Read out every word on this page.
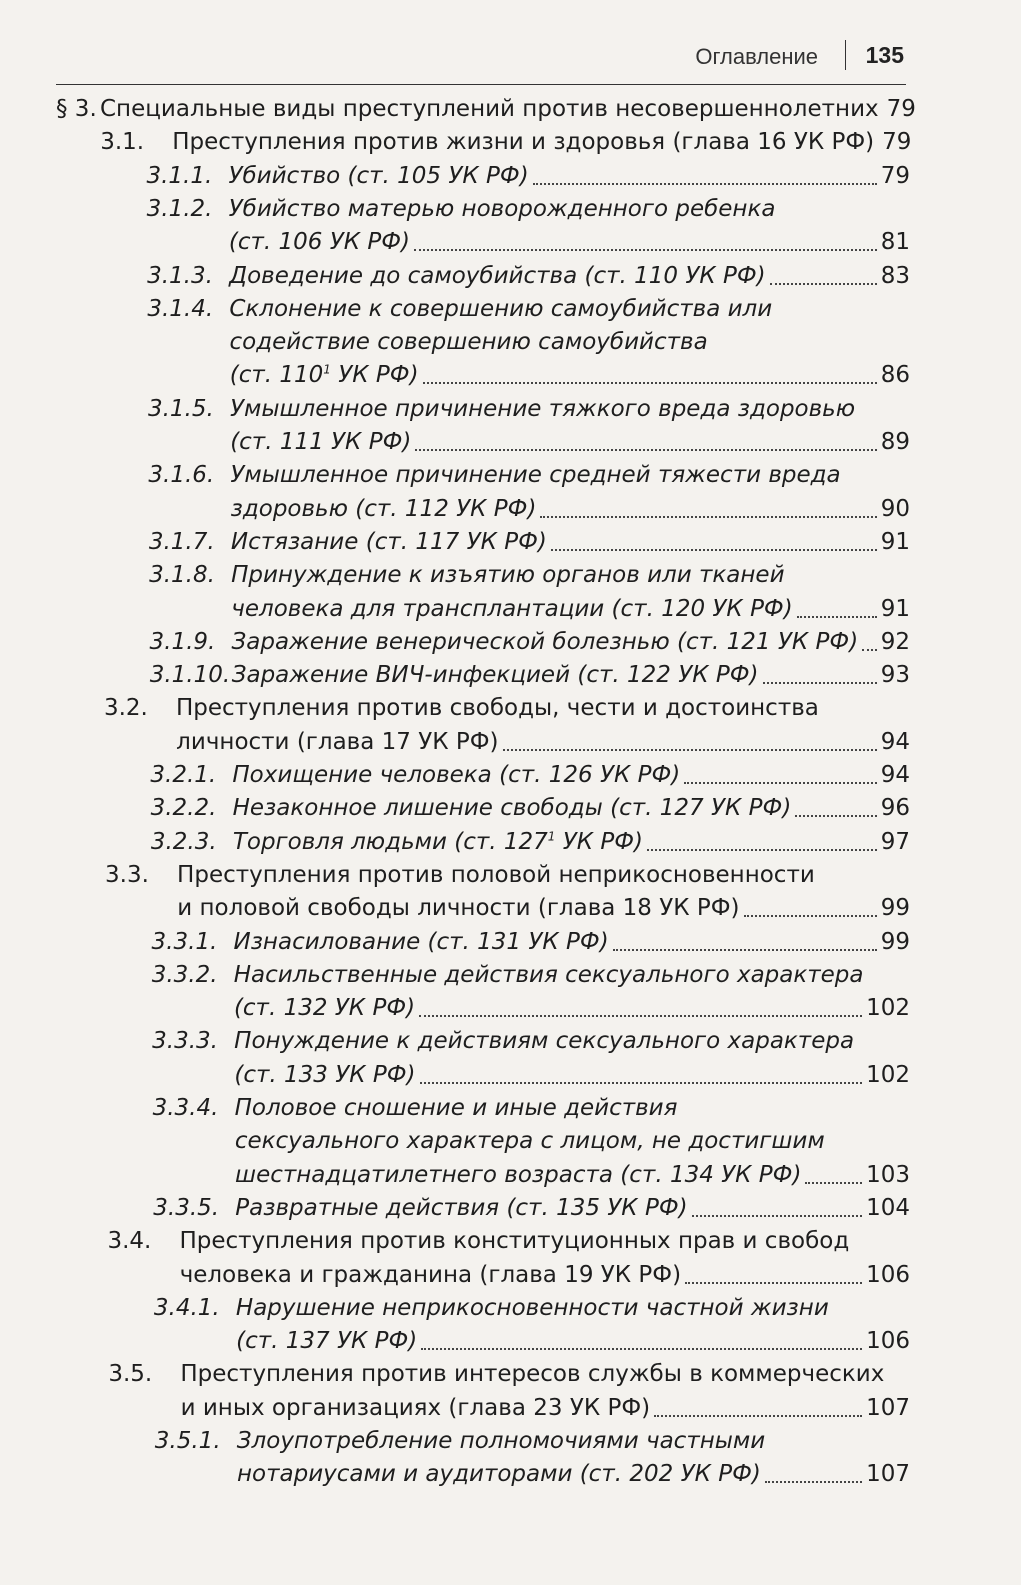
Оглавление 135
§ 3. Специальные виды преступлений против несовершеннолетних 79
3.1. Преступления против жизни и здоровья (глава 16 УК РФ) 79
3.1.1. Убийство (ст. 105 УК РФ)	79
3.1.2. Убийство матерью новорожденного ребенка
(ст. 106 УК РФ)	81
3.1.3. Доведение до самоубийства (ст. 110 УК РФ)	83
3.1.4. Склонение к совершению самоубийства или
содействие совершению самоубийства
(ст. $110^1$ УК РФ)	86
3.1.5. Умышленное причинение тяжкого вреда здоровью
(ст. 111 УК РФ)	89
3.1.6. Умышленное причинение средней тяжести вреда
здоровью (ст. 112 УК РФ)	90
3.1.7. Истязание (ст. 117 УК РФ)	91
3.1.8. Принуждение к изъятию органов или тканей
человека для трансплантации (ст. 120 УК РФ)	91
3.1.9. Заражение венерической болезнью (ст. 121 УК РФ) 92
3.1.10. Заражение ВИЧ-инфекцией (ст. 122 УК РФ)	93
3.2. Преступления против свободы, чести и достоинства
личности (глава 17 УК РФ)	94
3.2.1. Похищение человека (ст. 126 УК РФ)	94
3.2.2. Незаконное лишение свободы (ст. 127 УК РФ)	96
3.2.3. Торговля людьми (ст. $127^1$ УК РФ)	97
3.3. Преступления против половой неприкосновенности
и половой свободы личности (глава 18 УК РФ)	99
3.3.1. Изнасилование (ст. 131 УК РФ)	99
3.3.2. Насильственные действия сексуального характера
(ст. 132 УК РФ)	102
3.3.3. Понуждение к действиям сексуального характера
(ст. 133 УК РФ)	102
3.3.4. Половое сношение и иные действия
сексуального характера с лицом, не достигшим
шестнадцатилетнего возраста (ст. 134 УК РФ)	103
3.3.5. Развратные действия (ст. 135 УК РФ)	104
3.4. Преступления против конституционных прав и свобод
человека и гражданина (глава 19 УК РФ)	106
3.4.1. Нарушение неприкосновенности частной жизни
(ст. 137 УК РФ)	106
3.5. Преступления против интересов службы в коммерческих
и иных организациях (глава 23 УК РФ)	107
3.5.1. Злоупотребление полномочиями частными
нотариусами и аудиторами (ст. 202 УК РФ)	107
